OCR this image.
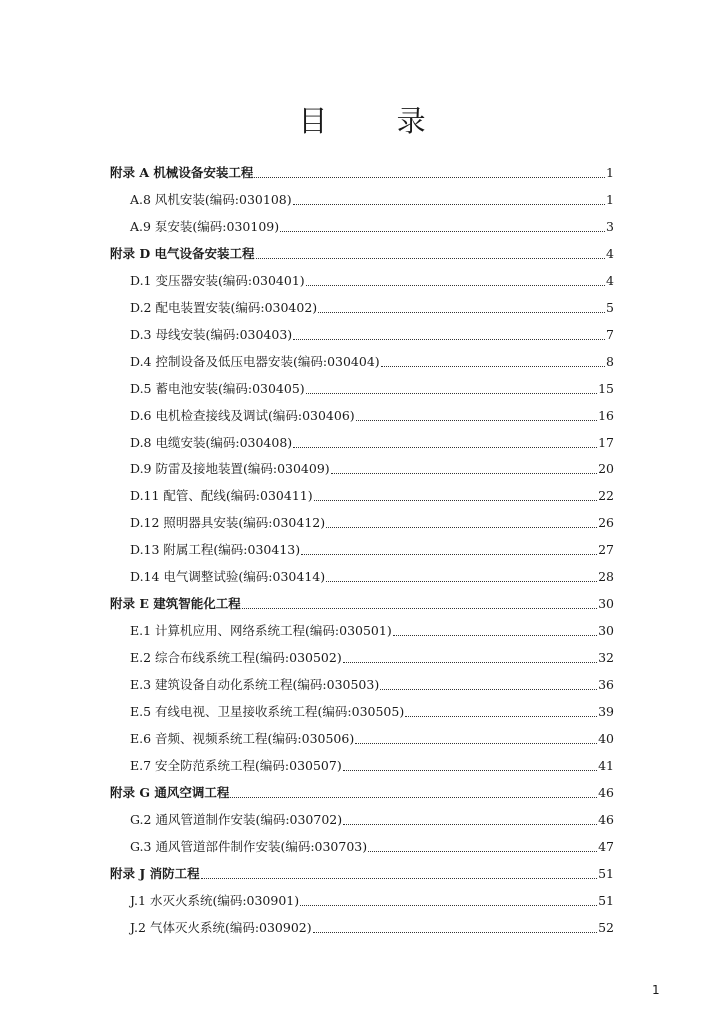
目 录
附录 A 机械设备安装工程	1
A.8 风机安装(编码:030108)	1
A.9 泵安装(编码:030109)	3
附录 D 电气设备安装工程	4
D.1 变压器安装(编码:030401)	4
D.2 配电装置安装(编码:030402)	5
D.3 母线安装(编码:030403)	7
D.4 控制设备及低压电器安装(编码:030404)	8
D.5 蓄电池安装(编码:030405)	15
D.6 电机检查接线及调试(编码:030406)	16
D.8 电缆安装(编码:030408)	17
D.9 防雷及接地装置(编码:030409)	20
D.11 配管、配线(编码:030411)	22
D.12 照明器具安装(编码:030412)	26
D.13 附属工程(编码:030413)	27
D.14 电气调整试验(编码:030414)	28
附录 E 建筑智能化工程	30
E.1 计算机应用、网络系统工程(编码:030501)	30
E.2 综合布线系统工程(编码:030502)	32
E.3 建筑设备自动化系统工程(编码:030503)	36
E.5 有线电视、卫星接收系统工程(编码:030505)	39
E.6 音频、视频系统工程(编码:030506)	40
E.7 安全防范系统工程(编码:030507)	41
附录 G 通风空调工程	46
G.2 通风管道制作安装(编码:030702)	46
G.3 通风管道部件制作安装(编码:030703)	47
附录 J 消防工程	51
J.1 水灭火系统(编码:030901)	51
J.2 气体灭火系统(编码:030902)	52
1
